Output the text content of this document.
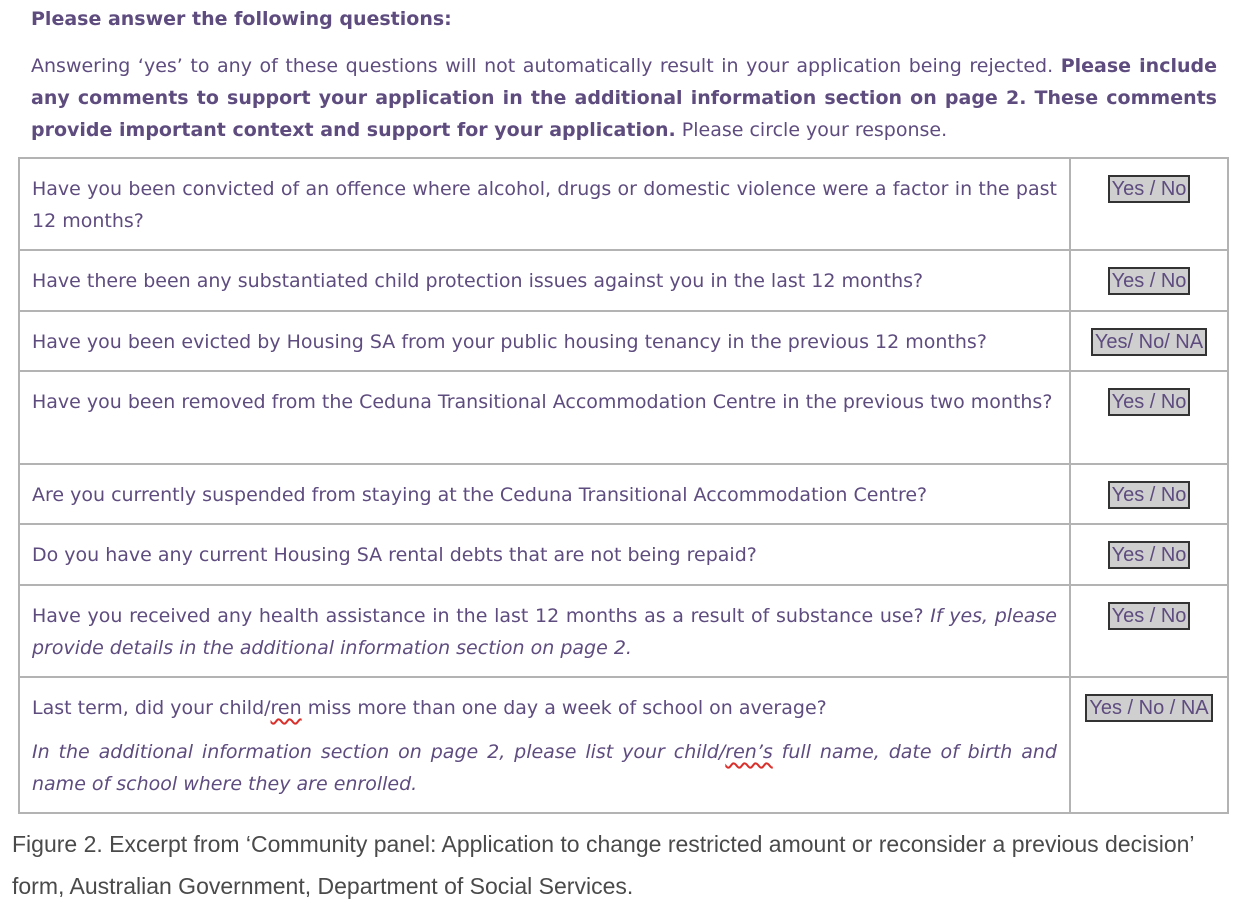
Please answer the following questions:
Answering ‘yes’ to any of these questions will not automatically result in your application being rejected. Please include any comments to support your application in the additional information section on page 2. These comments provide important context and support for your application. Please circle your response.
Have you been convicted of an offence where alcohol, drugs or domestic violence were a factor in the past 12 months?	Yes / No
Have there been any substantiated child protection issues against you in the last 12 months?	Yes / No
Have you been evicted by Housing SA from your public housing tenancy in the previous 12 months?	Yes/ No/ NA
Have you been removed from the Ceduna Transitional Accommodation Centre in the previous two months?	Yes / No
Are you currently suspended from staying at the Ceduna Transitional Accommodation Centre?	Yes / No
Do you have any current Housing SA rental debts that are not being repaid?	Yes / No
Have you received any health assistance in the last 12 months as a result of substance use? If yes, please provide details in the additional information section on page 2.	Yes / No

Last term, did your child/ren miss more than one day a week of school on average?
In the additional information section on page 2, please list your child/ren’s full name, date of birth and name of school where they are enrolled.	Yes / No / NA
Figure 2. Excerpt from ‘Community panel: Application to change restricted amount or reconsider a previous decision’ form, Australian Government, Department of Social Services.
